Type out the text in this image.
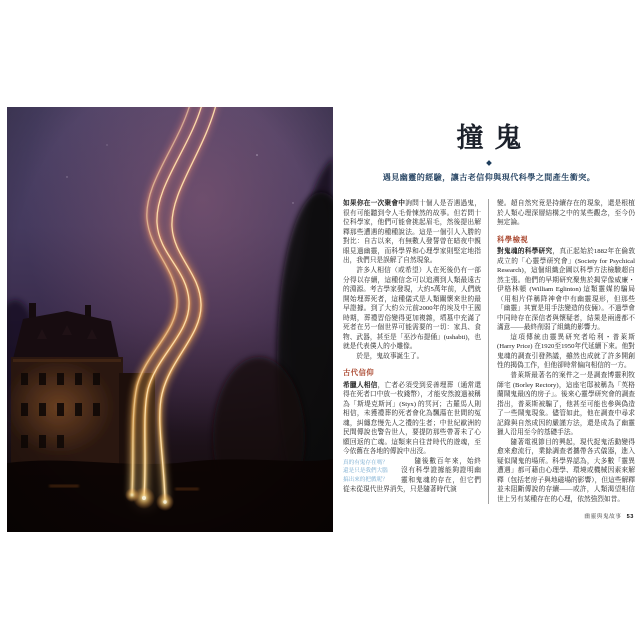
撞鬼

遇見幽靈的經驗，讓古老信仰與現代科學之間產生衝突。

如果你在一次聚會中詢問十個人是否遇過鬼，很有可能聽到令人毛骨悚然的故事。但若問十位科學家，他們可能會挑起眉毛，然後提出解釋那些遭遇的種種說法。這是一個引人入勝的對比：自古以來，有無數人發誓曾在暗夜中親眼見過幽靈，而科學界和心理學家則堅定地指出，我們只是誤解了自然現象。

許多人相信（或希望）人在死後仍有一部分得以存續，這種信念可以追溯到人類最遠古的淵源。考古學家發現，大約5萬年前，人們就開始埋葬死者，這種儀式是人類關懷來世的最早證據。到了大約公元前2000年的埃及中王國時期，葬禮習俗變得更加複雜，墳墓中充滿了死者在另一個世界可能需要的一切：家具、食物、武器，甚至是「巫沙布提俑」(ushabti)，也就是代表僕人的小雕像。

於是，鬼故事誕生了。

古代信仰

希臘人相信，亡者必須受到妥善埋葬（通常還得在死者口中放一枚錢幣），才能安然渡過被稱為「斯堤克斯河」(Styx) 的冥河；古羅馬人則相信，未獲禮葬的死者會化為飄蕩在世間的冤魂，糾纏怠慢先人之禮的生者；中世紀歐洲的民間傳說也警告世人，要提防那些帶著未了心願回返的亡魂。這類來自往昔時代的遊魂，至今依舊在各地的傳說中出沒。

真的有鬼存在嗎？
還是只是我們大腦
搞出來的把戲呢？

隨後數百年來，始終沒有科學證據能夠證明幽靈和鬼魂的存在，但它們從未從現代世界消失，只是隨著時代演

變。超自然究竟是持續存在的現象，還是根植於人類心理深層結構之中的某些觀念，至今仍無定論。

科學檢視

對鬼魂的科學研究，真正起始於1882年在倫敦成立的「心靈學研究會」(Society for Psychical Research)，這個組織企圖以科學方法檢驗超自然主張。他們的早期研究聚焦於揭穿像威廉・伊格林頓 (William Eglinton) 這類靈媒的騙局（用相片佯稱降神會中有幽靈現形，但那些「幽靈」其實是用手法變造的伎倆）。不過學會中同時存在深信者與懷疑者，結果是兩邊都不滿意——最終削弱了組織的影響力。

這項傳統由靈異研究者哈利・普萊斯 (Harry Price) 在1920至1950年代延續下來。他對鬼魂的調查引發熱議，雖然也成就了許多開創性的揭偽工作，但他卻時常偏向相信的一方。

普萊斯最著名的案件之一是調查博靈利牧師宅 (Borley Rectory)，這座宅邸被稱為「英格蘭鬧鬼最凶的房子」。後來心靈學研究會的調查指出，普萊斯被騙了，他甚至可能也參與偽造了一些鬧鬼現象。儘管如此，他在調查中尋求記錄與自然成因的嚴謹方法，還是成為了幽靈獵人沿用至今的基礎手法。

隨著電視節目的興起，現代捉鬼活動變得愈來愈流行，業餘調查者攜帶各式儀器，進入疑似鬧鬼的場所。科學界認為，大多數「靈異遭遇」都可藉由心理學、環境或機械因素來解釋（包括老房子與地磁場的影響），但這些解釋並未阻斷傳說的存續——或許，人類渴望相信世上另有某種存在的心理，依然強烈如昔。

幽靈與鬼故事 53
